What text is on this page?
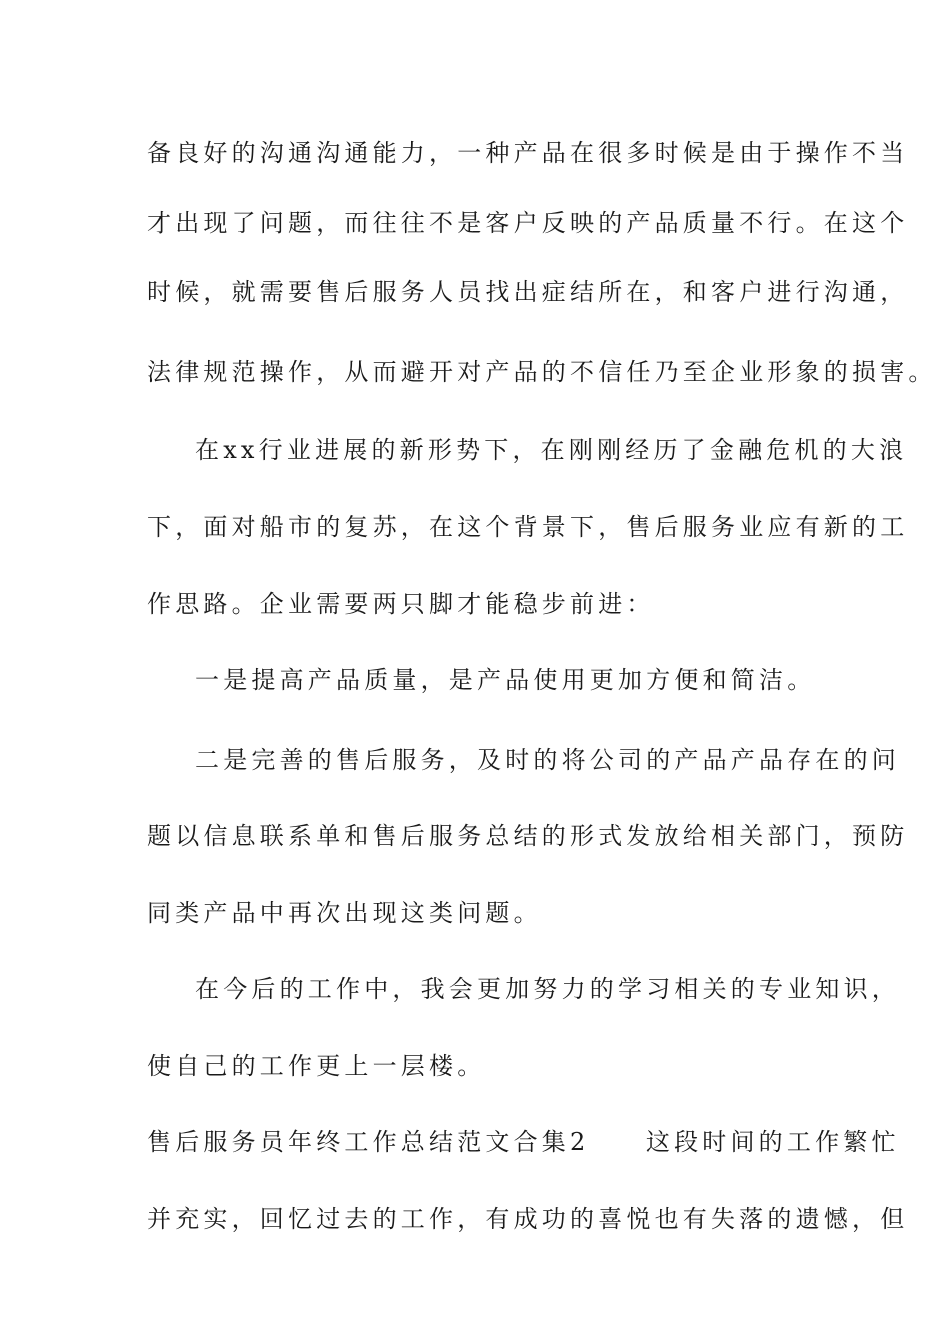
备良好的沟通沟通能力，一种产品在很多时候是由于操作不当
才出现了问题，而往往不是客户反映的产品质量不行。在这个
时候，就需要售后服务人员找出症结所在，和客户进行沟通，
法律规范操作，从而避开对产品的不信任乃至企业形象的损害。
在xx行业进展的新形势下，在刚刚经历了金融危机的大浪
下，面对船市的复苏，在这个背景下，售后服务业应有新的工
作思路。企业需要两只脚才能稳步前进：
一是提高产品质量，是产品使用更加方便和简洁。
二是完善的售后服务，及时的将公司的产品产品存在的问
题以信息联系单和售后服务总结的形式发放给相关部门，预防
同类产品中再次出现这类问题。
在今后的工作中，我会更加努力的学习相关的专业知识，
使自己的工作更上一层楼。
售后服务员年终工作总结范文合集2　　这段时间的工作繁忙
并充实，回忆过去的工作，有成功的喜悦也有失落的遗憾，但
